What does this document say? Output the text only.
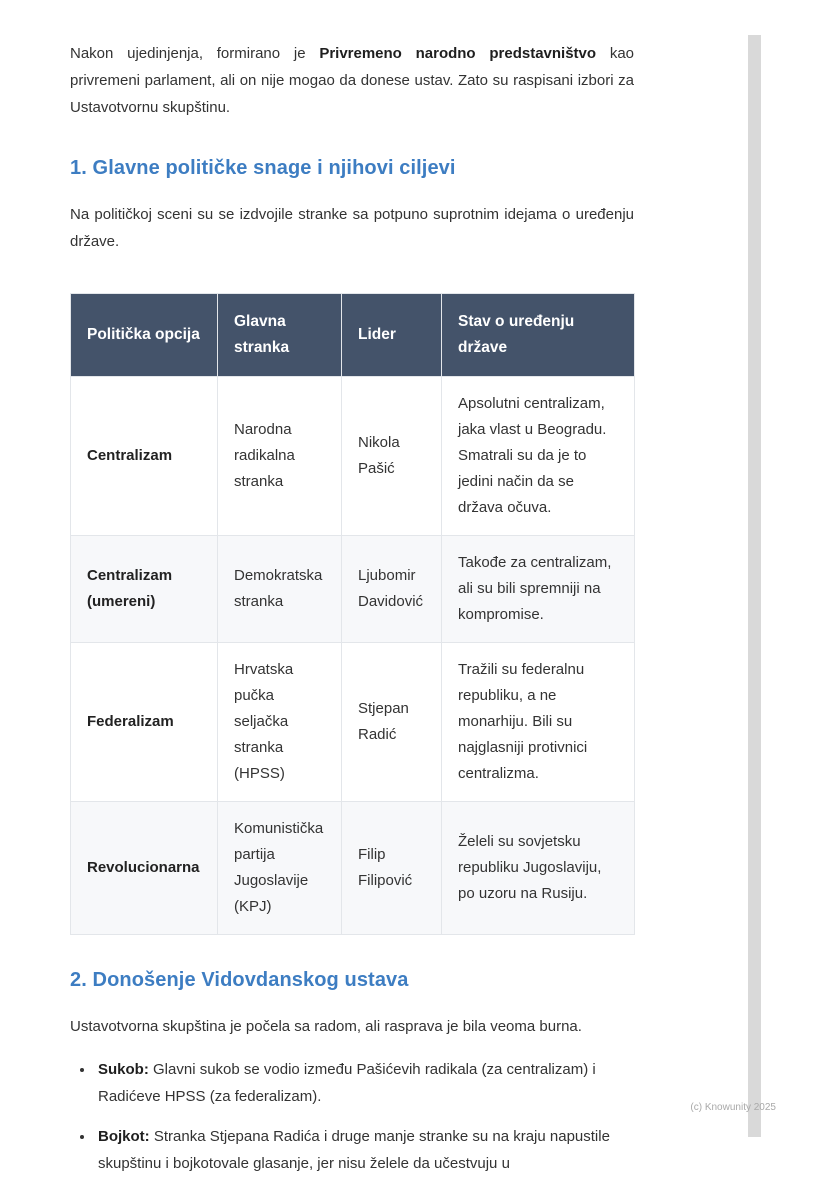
Nakon ujedinjenja, formirano je Privremeno narodno predstavništvo kao privremeni parlament, ali on nije mogao da donese ustav. Zato su raspisani izbori za Ustavotvornu skupštinu.

1. Glavne političke snage i njihovi ciljevi

Na političkoj sceni su se izdvojile stranke sa potpuno suprotnim idejama o uređenju države.

Politička opcija	Glavna stranka	Lider	Stav o uređenju države
Centralizam	Narodna radikalna stranka	Nikola Pašić	Apsolutni centralizam, jaka vlast u Beogradu. Smatrali su da je to jedini način da se država očuva.
Centralizam (umereni)	Demokratska stranka	Ljubomir Davidović	Takođe za centralizam, ali su bili spremniji na kompromise.
Federalizam	Hrvatska pučka seljačka stranka (HPSS)	Stjepan Radić	Tražili su federalnu republiku, a ne monarhiju. Bili su najglasniji protivnici centralizma.
Revolucionarna	Komunistička partija Jugoslavije (KPJ)	Filip Filipović	Želeli su sovjetsku republiku Jugoslaviju, po uzoru na Rusiju.
2. Donošenje Vidovdanskog ustava

Ustavotvorna skupština je počela sa radom, ali rasprava je bila veoma burna.

• Sukob: Glavni sukob se vodio između Pašićevih radikala (za centralizam) i Radićeve HPSS (za federalizam).
• Bojkot: Stranka Stjepana Radića i druge manje stranke su na kraju napustile skupštinu i bojkotovale glasanje, jer nisu želele da učestvuju u
(c) Knowunity 2025
